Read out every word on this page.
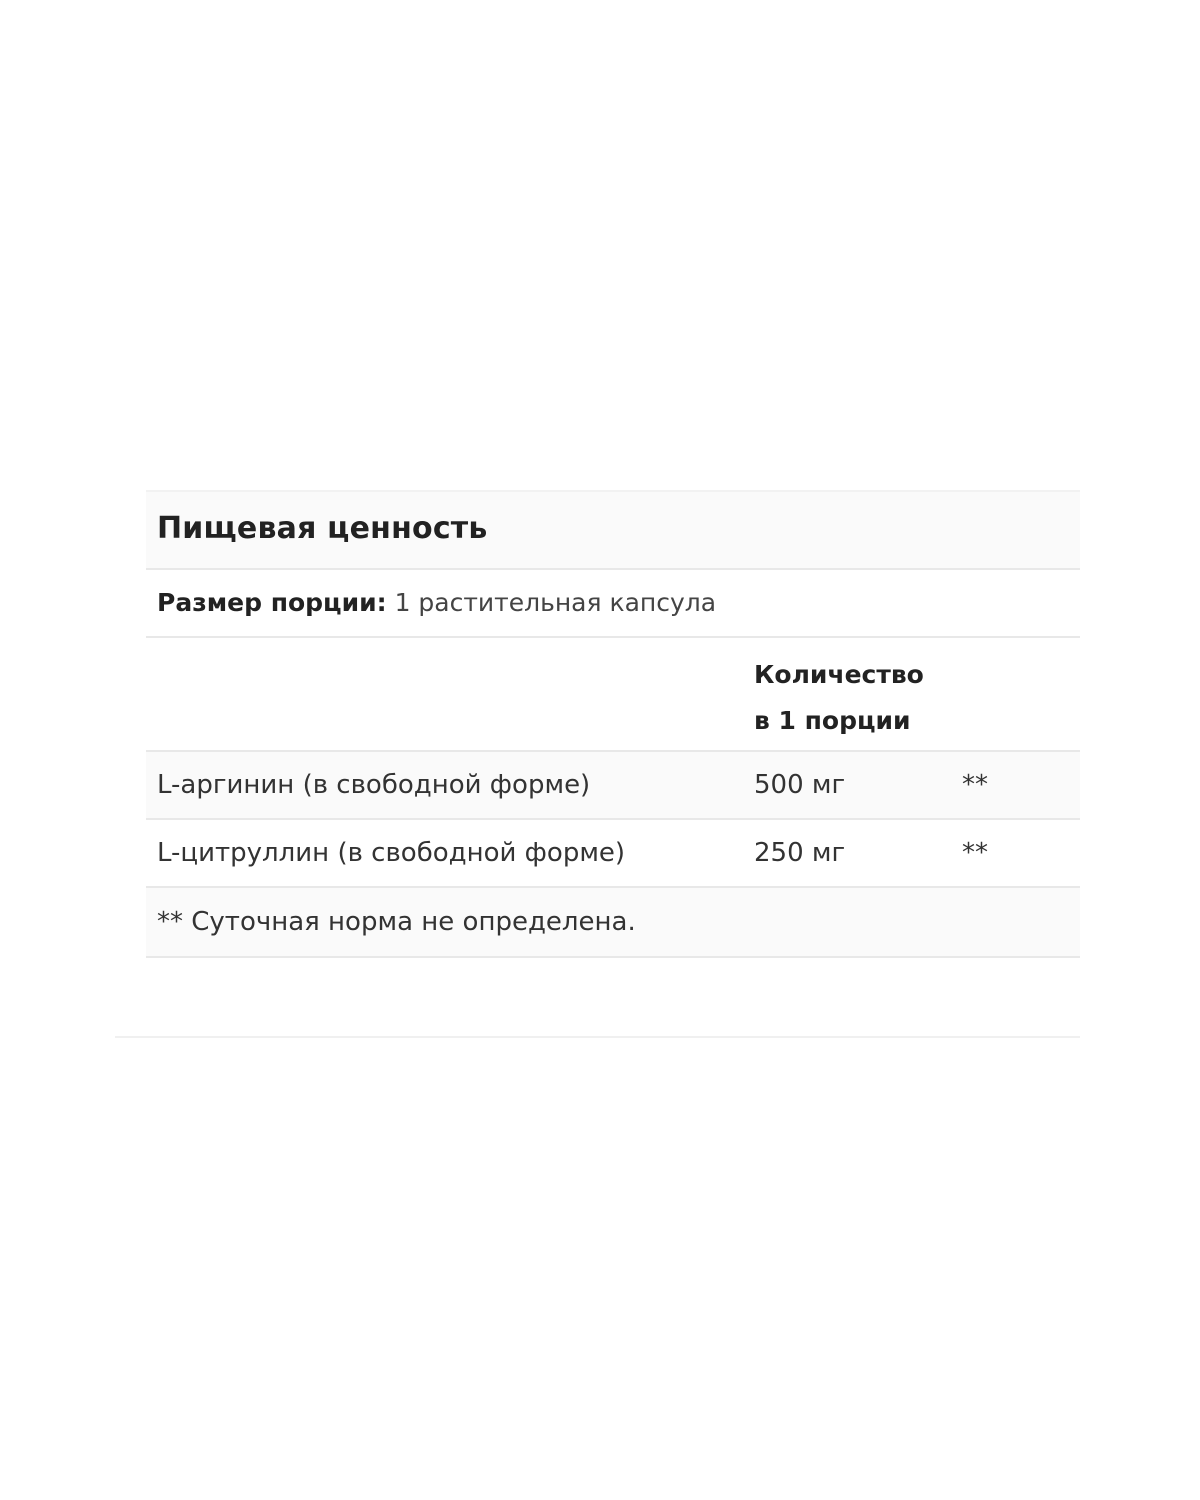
Пищевая ценность
Размер порции: 1 растительная капсула
Количество
в 1 порции
L-аргинин (в свободной форме)	500 мг	**
L-цитруллин (в свободной форме)	250 мг	**
** Суточная норма не определена.
